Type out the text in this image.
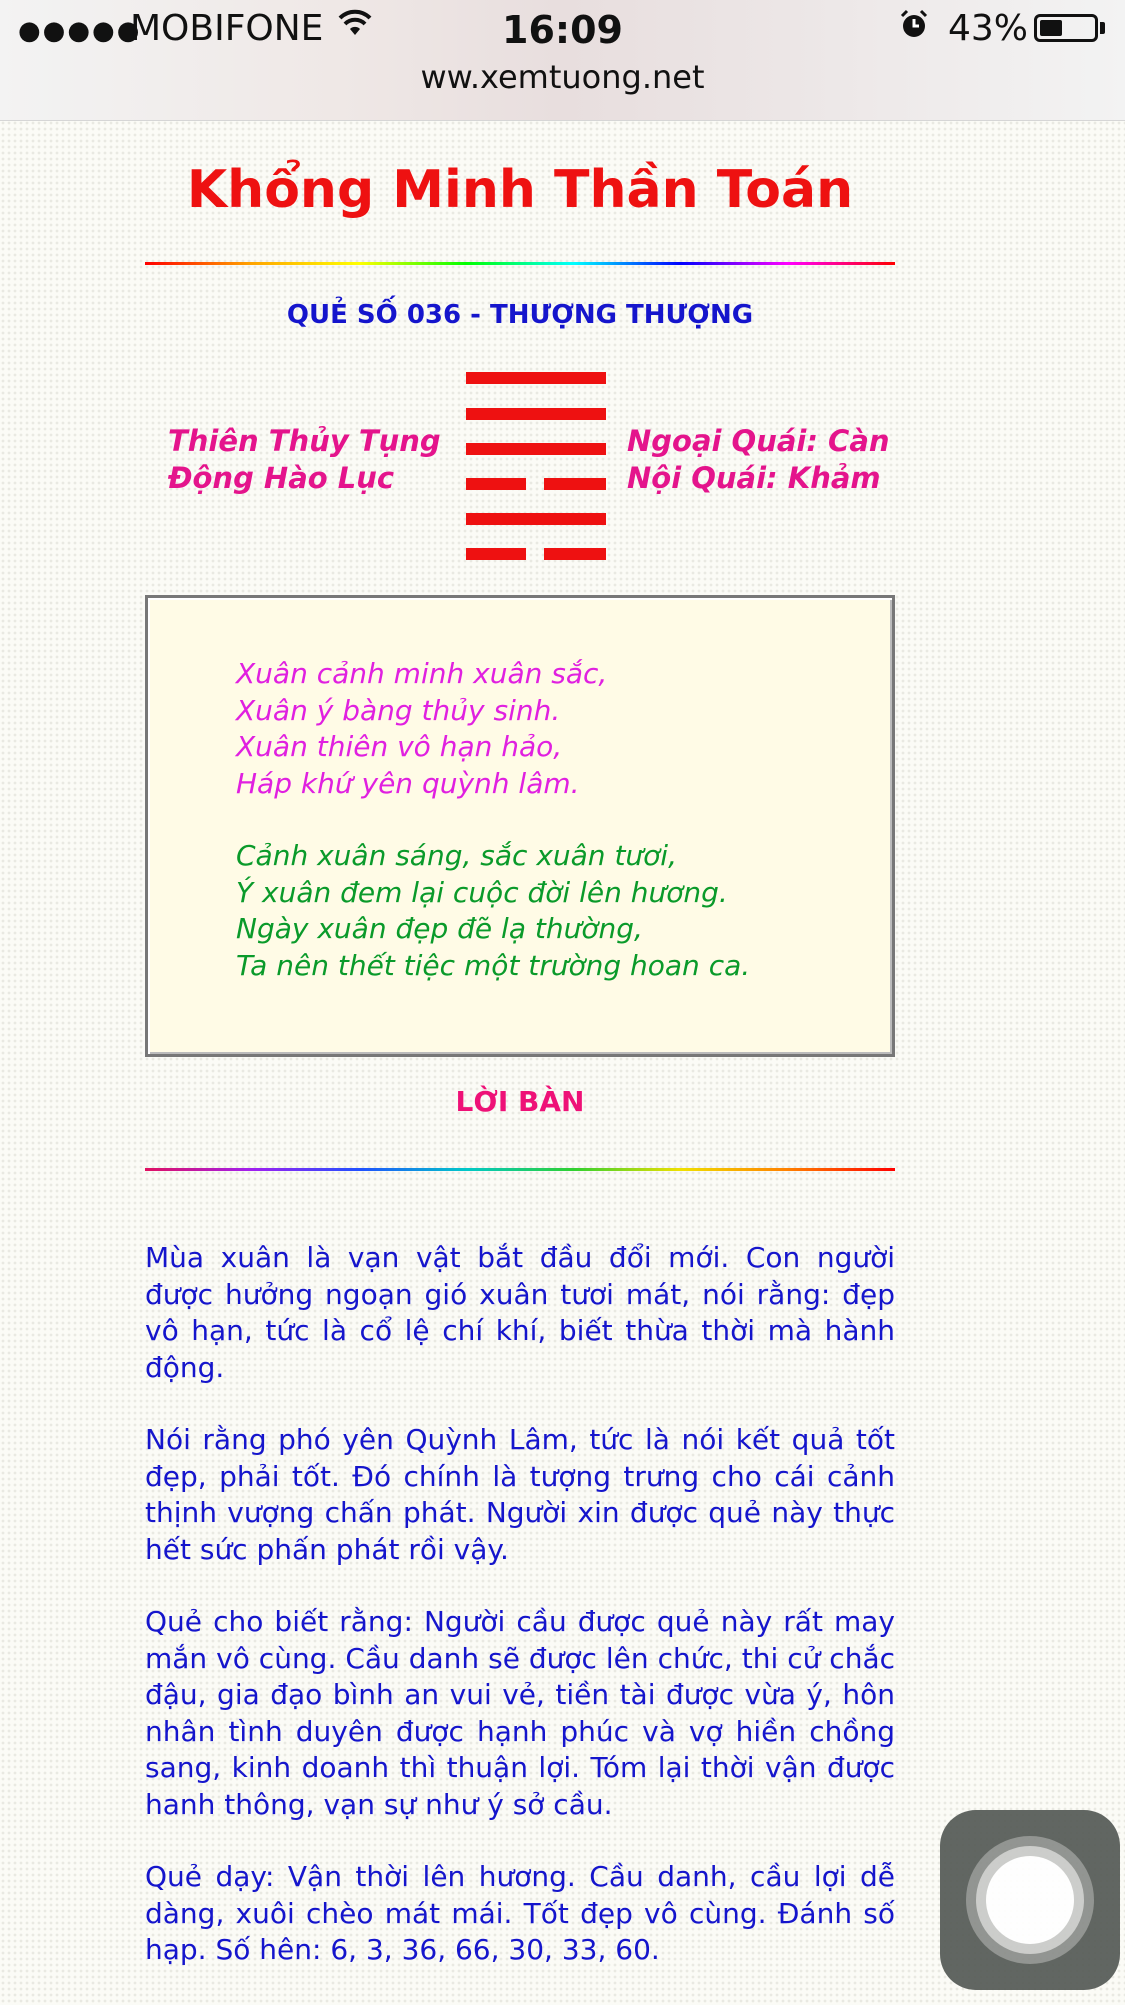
●●●●●
MOBIFONE	16:09	43%
ww.xemtuong.net
Khổng Minh Thần Toán
QUẺ SỐ 036 - THƯỢNG THƯỢNG
Thiên Thủy Tụng
Động Hào Lục
Ngoại Quái: Càn
Nội Quái: Khảm
Xuân cảnh minh xuân sắc,
Xuân ý bàng thủy sinh.
Xuân thiên vô hạn hảo,
Háp khứ yên quỳnh lâm.
Cảnh xuân sáng, sắc xuân tươi,
Ý xuân đem lại cuộc đời lên hương.
Ngày xuân đẹp đẽ lạ thường,
Ta nên thết tiệc một trường hoan ca.
LỜI BÀN

Mùa xuân là vạn vật bắt đầu đổi mới. Con người được hưởng ngoạn gió xuân tươi mát, nói rằng: đẹp vô hạn, tức là cổ lệ chí khí, biết thừa thời mà hành động.

Nói rằng phó yên Quỳnh Lâm, tức là nói kết quả tốt đẹp, phải tốt. Đó chính là tượng trưng cho cái cảnh thịnh vượng chấn phát. Người xin được quẻ này thực hết sức phấn phát rồi vậy.

Quẻ cho biết rằng: Người cầu được quẻ này rất may mắn vô cùng. Cầu danh sẽ được lên chức, thi cử chắc đậu, gia đạo bình an vui vẻ, tiền tài được vừa ý, hôn nhân tình duyên được hạnh phúc và vợ hiền chồng sang, kinh doanh thì thuận lợi. Tóm lại thời vận được hanh thông, vạn sự như ý sở cầu.

Quẻ dạy: Vận thời lên hương. Cầu danh, cầu lợi dễ dàng, xuôi chèo mát mái. Tốt đẹp vô cùng. Đánh số hạp. Số hên: 6, 3, 36, 66, 30, 33, 60.
